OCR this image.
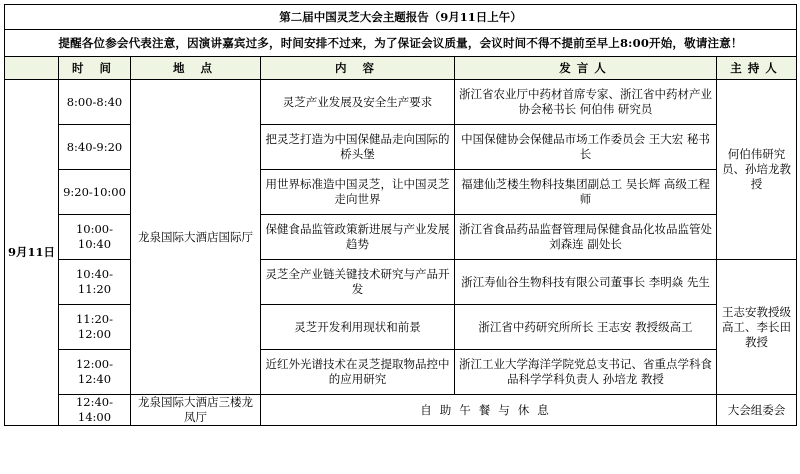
第二届中国灵芝大会主题报告（9月11日上午）					
提醒各位参会代表注意，因演讲嘉宾过多，时间安排不过来，为了保证会议质量，会议时间不得不提前至早上8:00开始，敬请注意！					
	时 间	地 点	内 容	发言人	主持人
9月11日	8:00-8:40	龙泉国际大酒店国际厅	灵芝产业发展及安全生产要求	浙江省农业厅中药材首席专家、浙江省中药材产业协会秘书长 何伯伟 研究员	何伯伟研究员、孙培龙教授
	8:40-9:20		把灵芝打造为中国保健品走向国际的桥头堡	中国保健协会保健品市场工作委员会 王大宏 秘书长	
	9:20-10:00		用世界标准造中国灵芝，让中国灵芝走向世界	福建仙芝楼生物科技集团副总工 吴长辉 高级工程师	
	10:00-10:40		保健食品监管政策新进展与产业发展趋势	浙江省食品药品监督管理局保健食品化妆品监管处 刘森连 副处长	
	10:40-11:20		灵芝全产业链关键技术研究与产品开发	浙江寿仙谷生物科技有限公司董事长 李明焱 先生	王志安教授级高工、李长田教授
	11:20-12:00		灵芝开发利用现状和前景	浙江省中药研究所所长 王志安 教授级高工	
	12:00-12:40		近红外光谱技术在灵芝提取物品控中的应用研究	浙江工业大学海洋学院党总支书记、省重点学科食品科学学科负责人 孙培龙 教授	
	12:40-14:00	龙泉国际大酒店三楼龙凤厅	自助午餐与休息		大会组委会
